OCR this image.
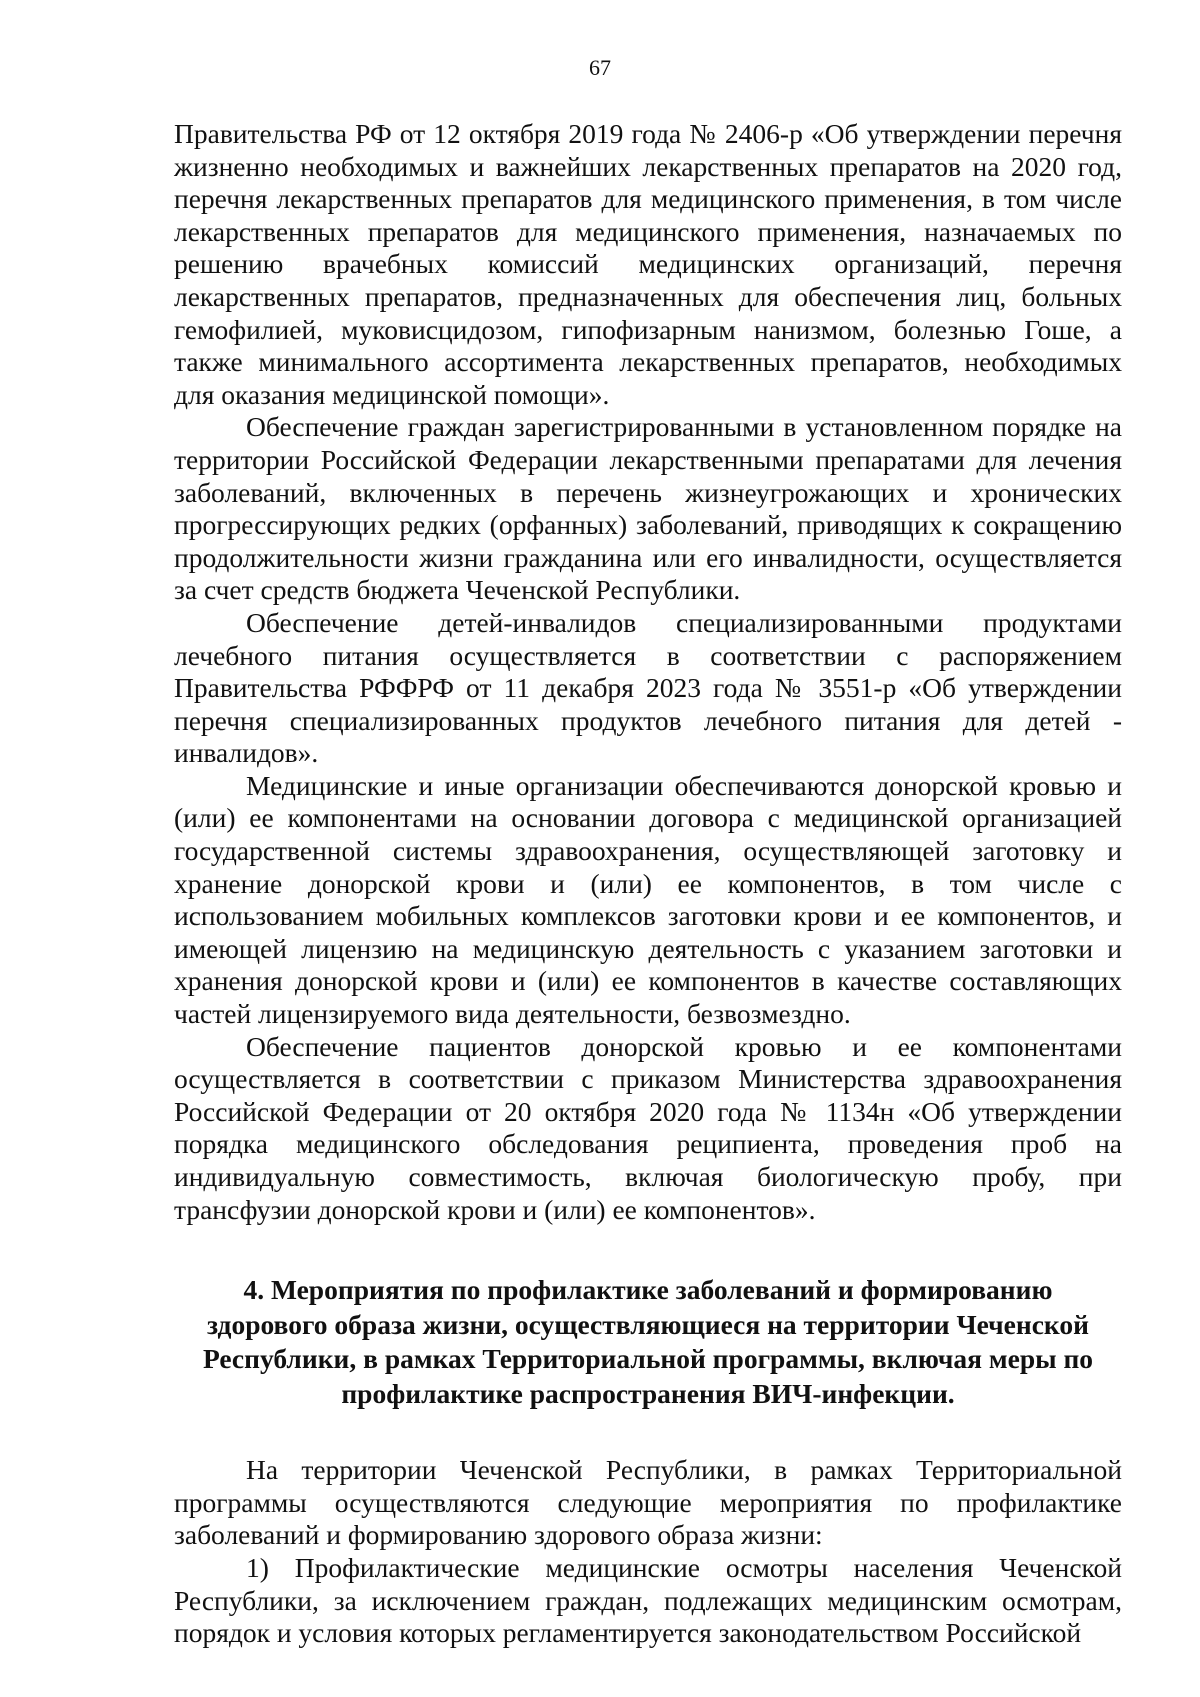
67

Правительства РФ от 12 октября 2019 года № 2406-р «Об утверждении перечня жизненно необходимых и важнейших лекарственных препаратов на 2020 год, перечня лекарственных препаратов для медицинского применения, в том числе лекарственных препаратов для медицинского применения, назначаемых по решению врачебных комиссий медицинских организаций, перечня лекарственных препаратов, предназначенных для обеспечения лиц, больных гемофилией, муковисцидозом, гипофизарным нанизмом, болезнью Гоше, а также минимального ассортимента лекарственных препаратов, необходимых для оказания медицинской помощи».

Обеспечение граждан зарегистрированными в установленном порядке на территории Российской Федерации лекарственными препаратами для лечения заболеваний, включенных в перечень жизнеугрожающих и хронических прогрессирующих редких (орфанных) заболеваний, приводящих к сокращению продолжительности жизни гражданина или его инвалидности, осуществляется за счет средств бюджета Чеченской Республики.

Обеспечение детей-инвалидов специализированными продуктами лечебного питания осуществляется в соответствии с распоряжением Правительства РФФРФ от 11 декабря 2023 года № 3551-р «Об утверждении перечня специализированных продуктов лечебного питания для детей - инвалидов».

Медицинские и иные организации обеспечиваются донорской кровью и (или) ее компонентами на основании договора с медицинской организацией государственной системы здравоохранения, осуществляющей заготовку и хранение донорской крови и (или) ее компонентов, в том числе с использованием мобильных комплексов заготовки крови и ее компонентов, и имеющей лицензию на медицинскую деятельность с указанием заготовки и хранения донорской крови и (или) ее компонентов в качестве составляющих частей лицензируемого вида деятельности, безвозмездно.

Обеспечение пациентов донорской кровью и ее компонентами осуществляется в соответствии с приказом Министерства здравоохранения Российской Федерации от 20 октября 2020 года № 1134н «Об утверждении порядка медицинского обследования реципиента, проведения проб на индивидуальную совместимость, включая биологическую пробу, при трансфузии донорской крови и (или) ее компонентов».

4. Мероприятия по профилактике заболеваний и формированию
здорового образа жизни, осуществляющиеся на территории Чеченской
Республики, в рамках Территориальной программы, включая меры по
профилактике распространения ВИЧ-инфекции.

На территории Чеченской Республики, в рамках Территориальной программы осуществляются следующие мероприятия по профилактике заболеваний и формированию здорового образа жизни:

1) Профилактические медицинские осмотры населения Чеченской Республики, за исключением граждан, подлежащих медицинским осмотрам, порядок и условия которых регламентируется законодательством Российской
